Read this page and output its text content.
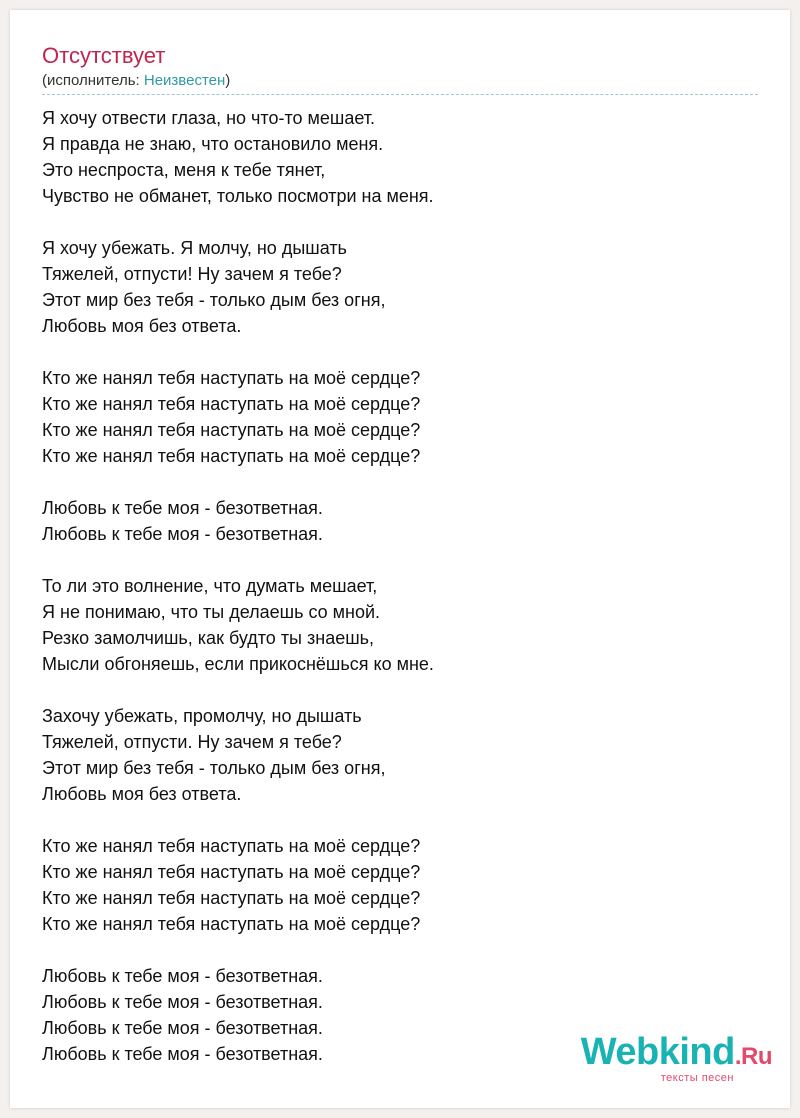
Отсутствует
(исполнитель: Неизвестен)
Я хочу отвести глаза, но что-то мешает.
Я правда не знаю, что остановило меня.
Это неспроста, меня к тебе тянет,
Чувство не обманет, только посмотри на меня.
Я хочу убежать. Я молчу, но дышать
Тяжелей, отпусти! Ну зачем я тебе?
Этот мир без тебя - только дым без огня,
Любовь моя без ответа.
Кто же нанял тебя наступать на моё сердце?
Кто же нанял тебя наступать на моё сердце?
Кто же нанял тебя наступать на моё сердце?
Кто же нанял тебя наступать на моё сердце?
Любовь к тебе моя - безответная.
Любовь к тебе моя - безответная.
То ли это волнение, что думать мешает,
Я не понимаю, что ты делаешь со мной.
Резко замолчишь, как будто ты знаешь,
Мысли обгоняешь, если прикоснёшься ко мне.
Захочу убежать, промолчу, но дышать
Тяжелей, отпусти. Ну зачем я тебе?
Этот мир без тебя - только дым без огня,
Любовь моя без ответа.
Кто же нанял тебя наступать на моё сердце?
Кто же нанял тебя наступать на моё сердце?
Кто же нанял тебя наступать на моё сердце?
Кто же нанял тебя наступать на моё сердце?
Любовь к тебе моя - безответная.
Любовь к тебе моя - безответная.
Любовь к тебе моя - безответная.
Любовь к тебе моя - безответная.	Webkind.Ru
тексты песен
